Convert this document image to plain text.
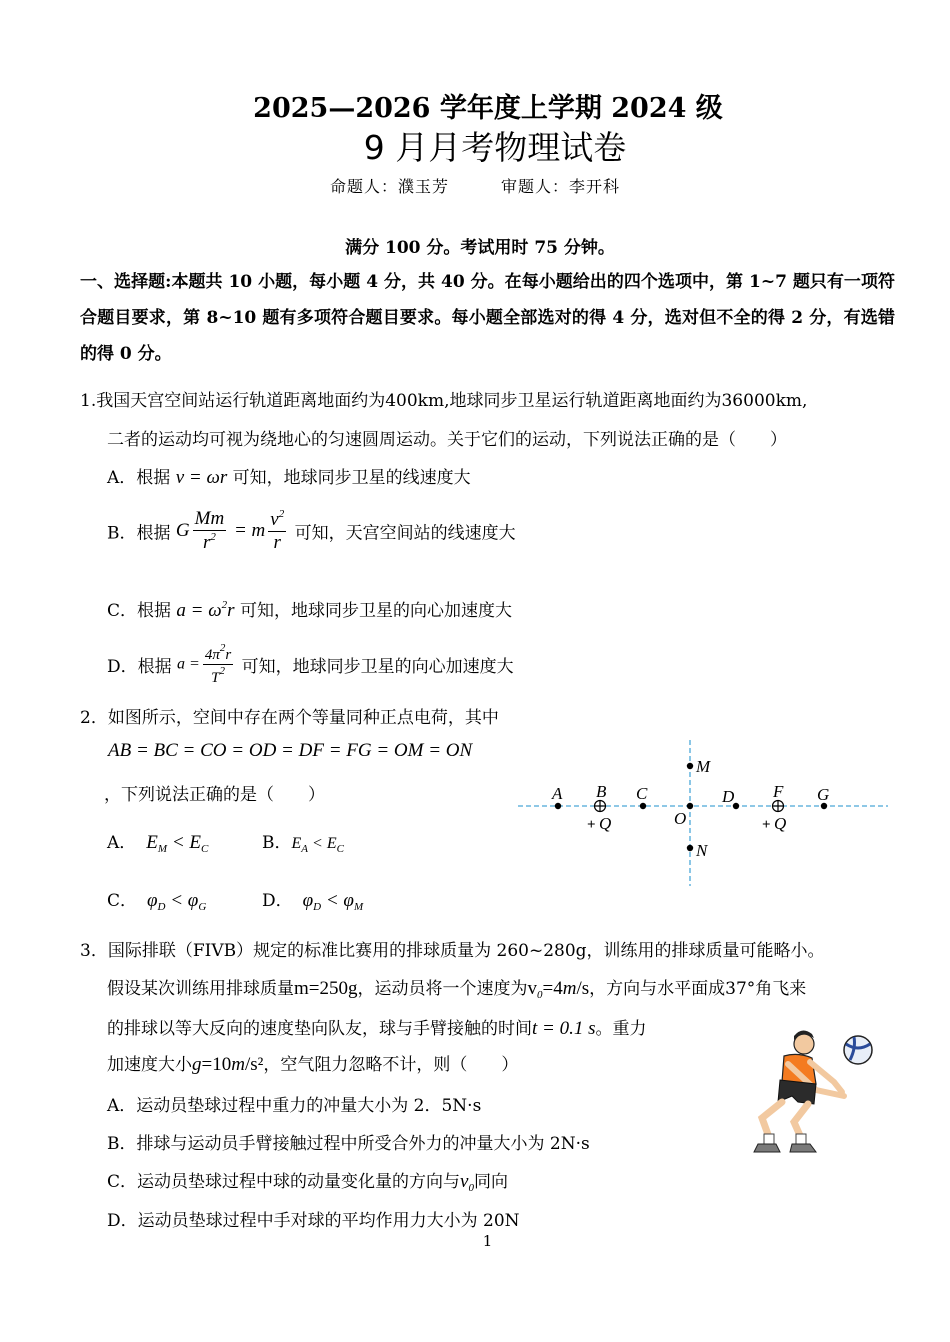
2025—2026 学年度上学期 2024 级
9 月月考物理试卷
命题人：濮玉芳	审题人：李开科
满分 100 分。考试用时 75 分钟。
一、选择题:本题共 10 小题，每小题 4 分，共 40 分。在每小题给出的四个选项中，第 1~7 题只有一项符合题目要求，第 8~10 题有多项符合题目要求。每小题全部选对的得 4 分，选对但不全的得 2 分，有选错的得 0 分。
1.我国天宫空间站运行轨道距离地面约为400km,地球同步卫星运行轨道距离地面约为36000km,
二者的运动均可视为绕地心的匀速圆周运动。关于它们的运动，下列说法正确的是（　　）
A．根据 v = ωr 可知，地球同步卫星的线速度大
B．根据 G $\frac{Mm}{r^2} = m \frac{v^2}{r}$ 可知，天宫空间站的线速度大
C．根据 $a = \omega^2r$ 可知，地球同步卫星的向心加速度大
D．根据 $a = \frac{4\pi^2r}{T^2}$ 可知，地球同步卫星的向心加速度大
2．如图所示，空间中存在两个等量同种正点电荷，其中
AB = BC = CO = OD = DF = FG = OM = ON
，下列说法正确的是（　　）
A． $E_M < E_C$	B．$E_A < E_C$
C． $\varphi_D < \varphi_G$	D． $\varphi_D < \varphi_M$
A B
+ Q
C
O
M
N
D F
+ Q
G
3．国际排联（FIVB）规定的标准比赛用的排球质量为 260~280g，训练用的排球质量可能略小。
假设某次训练用排球质量m=250g，运动员将一个速度为$v_0=4m/s$，方向与水平面成37°角飞来
的排球以等大反向的速度垫向队友，球与手臂接触的时间t = 0.1 s。重力
加速度大小g=10m/s²，空气阻力忽略不计，则（　　）
A．运动员垫球过程中重力的冲量大小为 2．5N·s
B．排球与运动员手臂接触过程中所受合外力的冲量大小为 2N·s
C．运动员垫球过程中球的动量变化量的方向与$v_0$同向
D．运动员垫球过程中手对球的平均作用力大小为 20N
1
